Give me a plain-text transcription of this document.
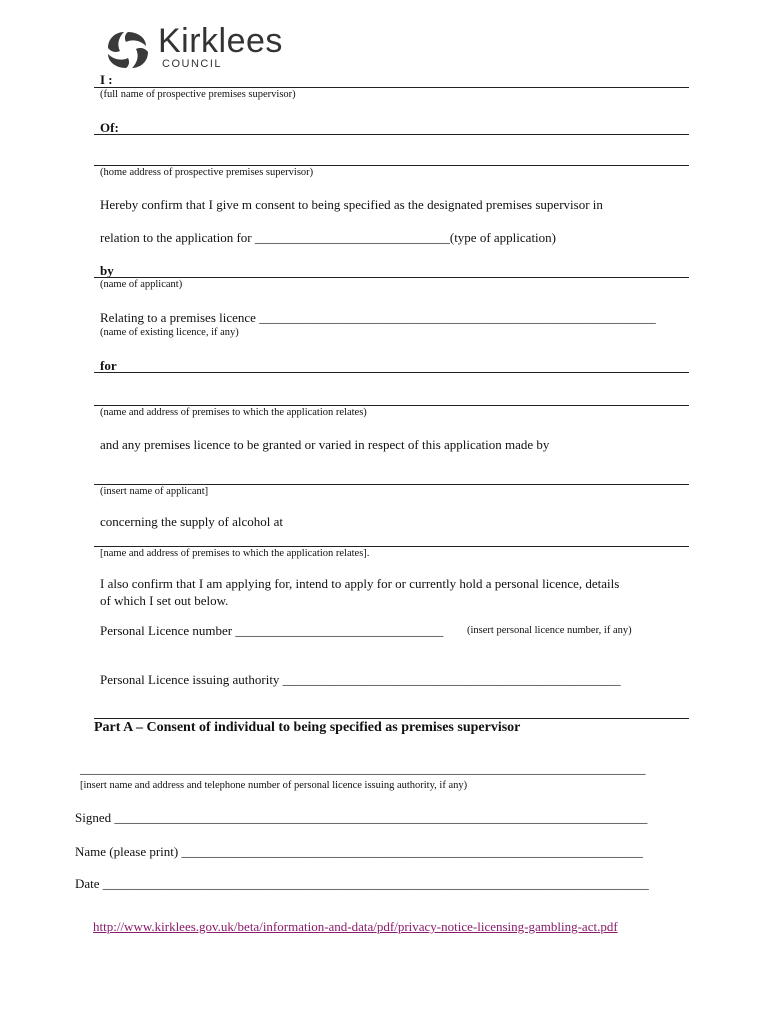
Kirklees
COUNCIL
I :
(full name of prospective premises supervisor)
Of:
(home address of prospective premises supervisor)
Hereby confirm that I give m consent to being specified as the designated premises supervisor in
relation to the application for ______________________________(type of application)
by
(name of applicant)
Relating to a premises licence _____________________________________________________________
(name of existing licence, if any)
for
(name and address of premises to which the application relates)
and any premises licence to be granted or varied in respect of this application made by
(insert name of applicant]
concerning the supply of alcohol at
[name and address of premises to which the application relates].
I also confirm that I am applying for, intend to apply for or currently hold a personal licence, details
of which I set out below.
Personal Licence number ________________________________ (insert personal licence number, if any)
Personal Licence issuing authority ____________________________________________________
Part A – Consent of individual to being specified as premises supervisor
_______________________________________________________________________________________
[insert name and address and telephone number of personal licence issuing authority, if any)
Signed __________________________________________________________________________________
Name (please print) _______________________________________________________________________
Date ____________________________________________________________________________________
http://www.kirklees.gov.uk/beta/information-and-data/pdf/privacy-notice-licensing-gambling-act.pdf
